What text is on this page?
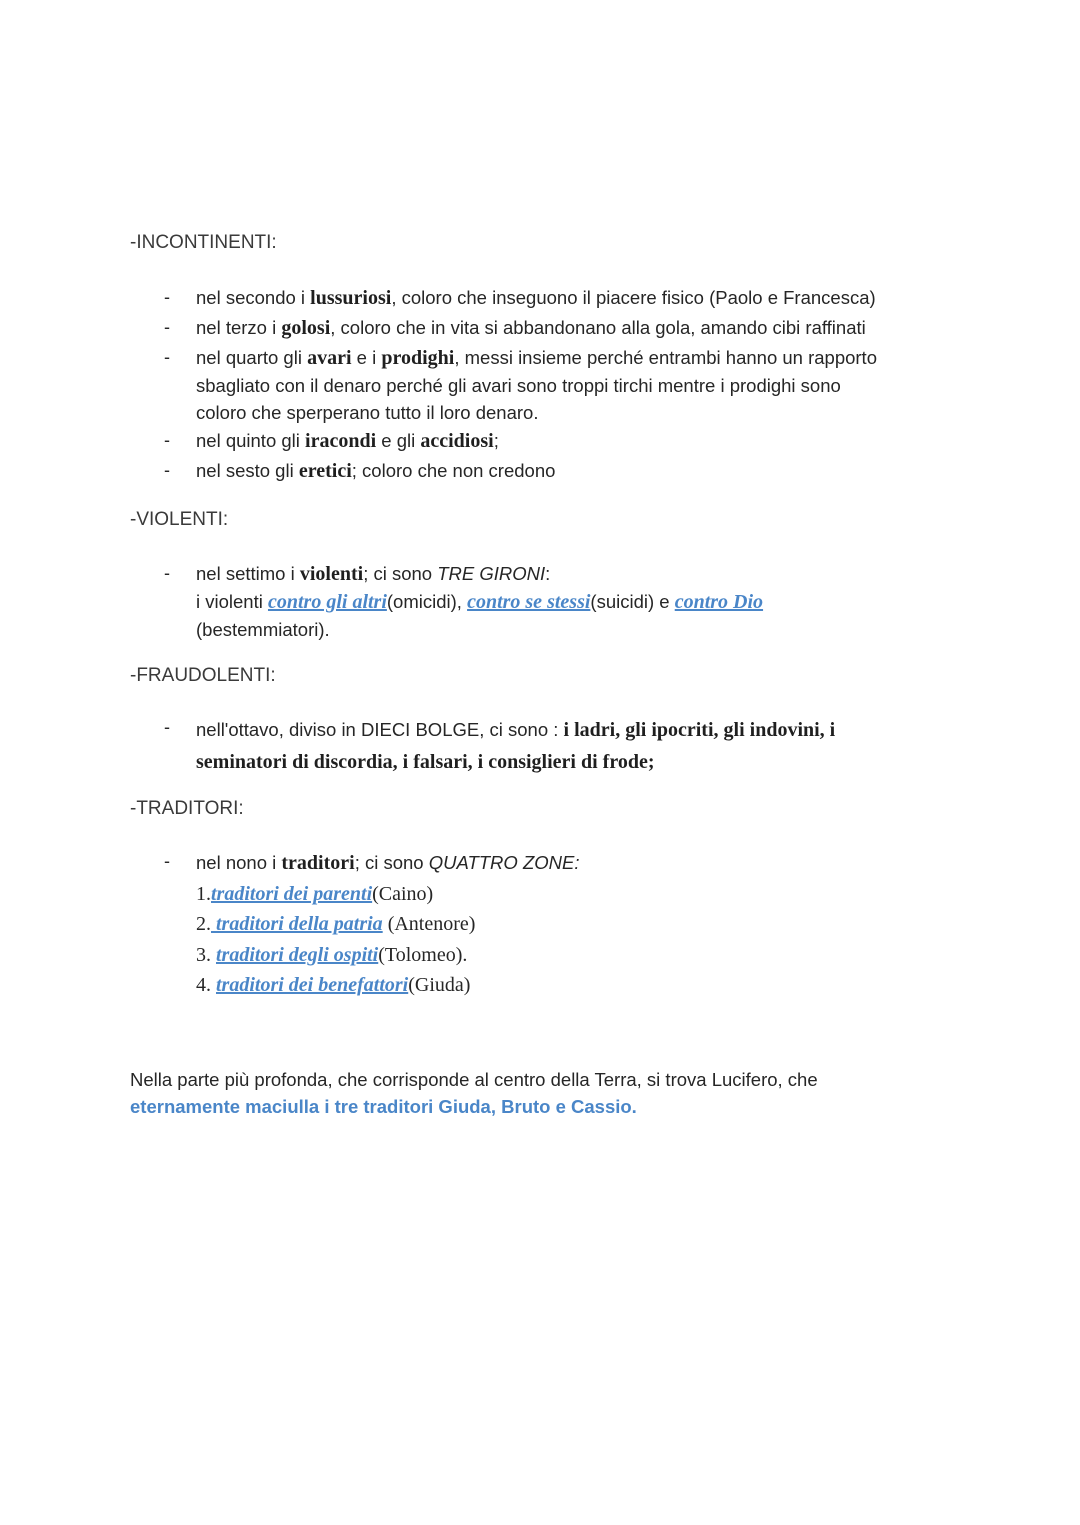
-INCONTINENTI:
- nel secondo i lussuriosi, coloro che inseguono il piacere fisico (Paolo e Francesca)

- nel terzo i golosi, coloro che in vita si abbandonano alla gola, amando cibi raffinati

- nel quarto gli avari e i prodighi, messi insieme perché entrambi hanno un rapporto

sbagliato con il denaro perché gli avari sono troppi tirchi mentre i prodighi sono

coloro che sperperano tutto il loro denaro.

- nel quinto gli iracondi e gli accidiosi;

- nel sesto gli eretici; coloro che non credono

-VIOLENTI:
- nel settimo i violenti; ci sono TRE GIRONI:

i violenti contro gli altri(omicidi), contro se stessi(suicidi) e contro Dio

(bestemmiatori).

-FRAUDOLENTI:
- nell'ottavo, diviso in DIECI BOLGE, ci sono : i ladri, gli ipocriti, gli indovini, i

seminatori di discordia, i falsari, i consiglieri di frode;

-TRADITORI:
- nel nono i traditori; ci sono QUATTRO ZONE:

1.traditori dei parenti(Caino)

2. traditori della patria (Antenore)

3. traditori degli ospiti(Tolomeo).

4. traditori dei benefattori(Giuda)

Nella parte più profonda, che corrisponde al centro della Terra, si trova Lucifero, che

eternamente maciulla i tre traditori Giuda, Bruto e Cassio.
